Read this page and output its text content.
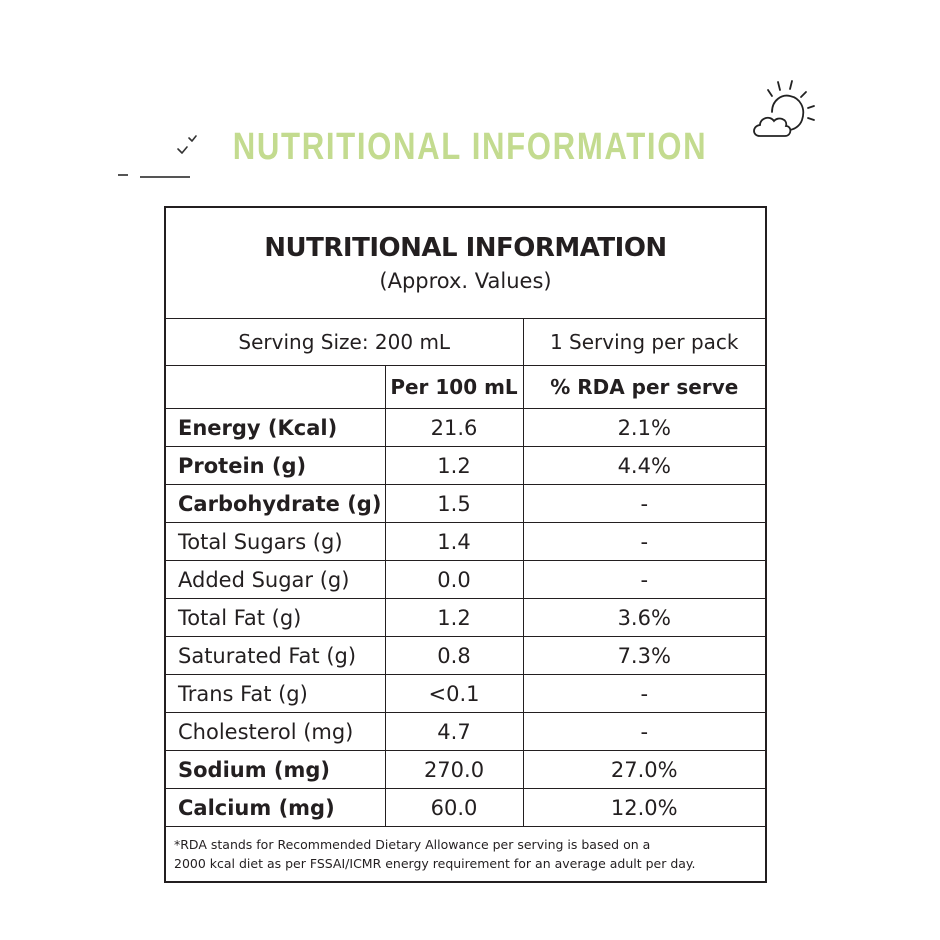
NUTRITIONAL INFORMATION
NUTRITIONAL INFORMATION
(Approx. Values)		

Serving Size: 200 mL		1 Serving per pack
	Per 100 mL	% RDA per serve
Energy (Kcal)	21.6	2.1%
Protein (g)	1.2	4.4%
Carbohydrate (g)	1.5	-
Total Sugars (g)	1.4	-
Added Sugar (g)	0.0	-
Total Fat (g)	1.2	3.6%
Saturated Fat (g)	0.8	7.3%
Trans Fat (g)	<0.1	-
Cholesterol (mg)	4.7	-
Sodium (mg)	270.0	27.0%
Calcium (mg)	60.0	12.0%

*RDA stands for Recommended Dietary Allowance per serving is based on a
2000 kcal diet as per FSSAI/ICMR energy requirement for an average adult per day.		
